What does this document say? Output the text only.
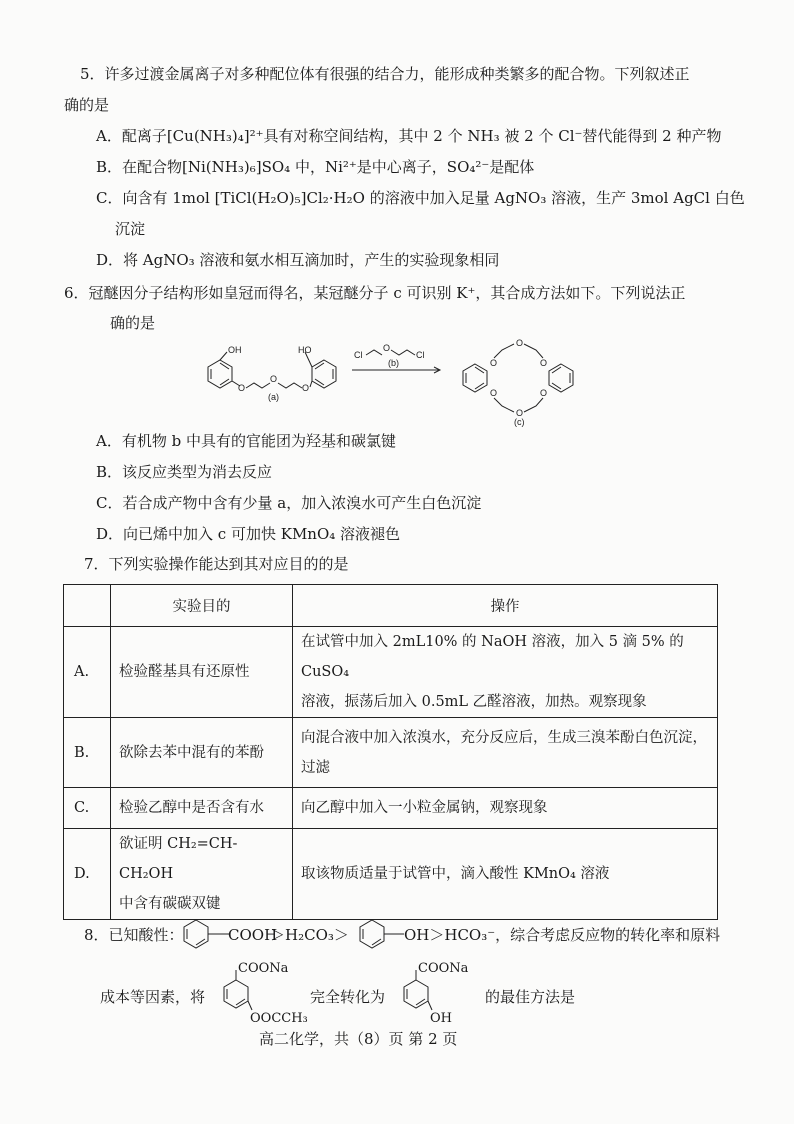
5．许多过渡金属离子对多种配位体有很强的结合力，能形成种类繁多的配合物。下列叙述正
确的是
A．配离子[Cu(NH₃)₄]²⁺具有对称空间结构，其中 2 个 NH₃ 被 2 个 Cl⁻替代能得到 2 种产物
B．在配合物[Ni(NH₃)₆]SO₄ 中，Ni²⁺是中心离子，SO₄²⁻是配体
C．向含有 1mol [TiCl(H₂O)₅]Cl₂·H₂O 的溶液中加入足量 AgNO₃ 溶液，生产 3mol AgCl 白色
沉淀
D．将 AgNO₃ 溶液和氨水相互滴加时，产生的实验现象相同
6．冠醚因分子结构形如皇冠而得名，某冠醚分子 c 可识别 K⁺，其合成方法如下。下列说法正
确的是
OH
O
O
O
HO
(a)
Cl
O
Cl
(b)	O
O
O
O
O
O
(c)
A．有机物 b 中具有的官能团为羟基和碳氯键
B．该反应类型为消去反应
C．若合成产物中含有少量 a，加入浓溴水可产生白色沉淀
D．向已烯中加入 c 可加快 KMnO₄ 溶液褪色
7．下列实验操作能达到其对应目的的是
	实验目的	操作
A.	检验醛基具有还原性	在试管中加入 2mL10% 的 NaOH 溶液，加入 5 滴 5% 的 CuSO₄
溶液，振荡后加入 0.5mL 乙醛溶液，加热。观察现象

B.	欲除去苯中混有的苯酚	向混合液中加入浓溴水，充分反应后，生成三溴苯酚白色沉淀，
过滤

C.	检验乙醇中是否含有水	向乙醇中加入一小粒金属钠，观察现象

D.	欲证明 CH₂=CH-CH₂OH
中含有碳碳双键	取该物质适量于试管中，滴入酸性 KMnO₄ 溶液
8．已知酸性：	COOH
＞H₂CO₃＞	OH＞HCO₃⁻，综合考虑反应物的转化率和原料
成本等因素，将
COONa
OOCCH₃
完全转化为
COONa
OH
的最佳方法是
高二化学，共（8）页 第 2 页
